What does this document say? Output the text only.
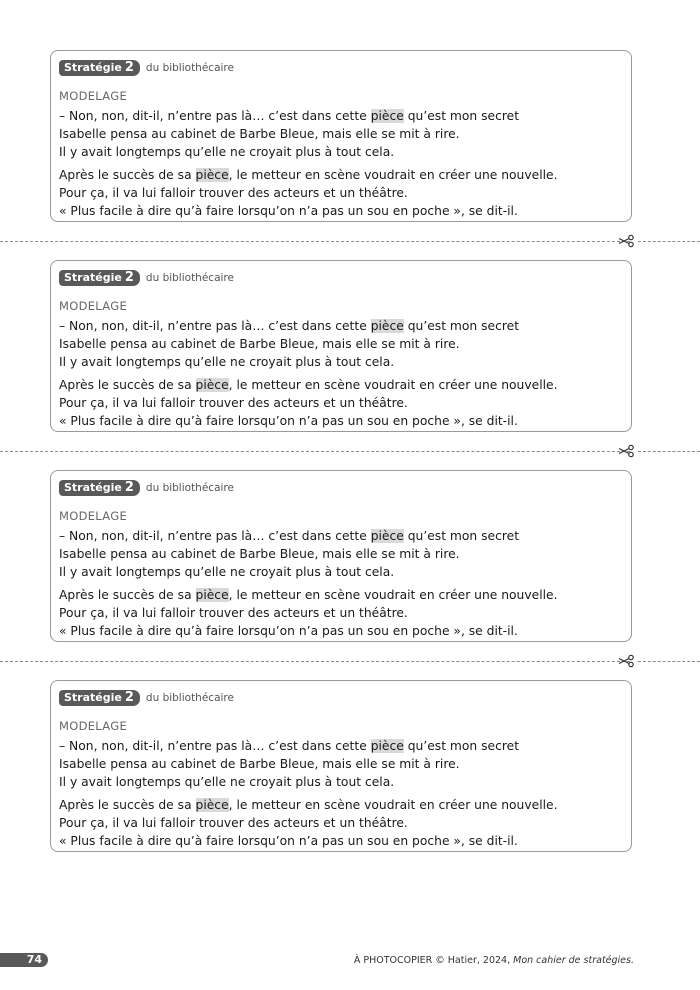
Stratégie 2 du bibliothécaire
MODELAGE
– Non, non, dit-il, n’entre pas là… c’est dans cette pièce qu’est mon secret
Isabelle pensa au cabinet de Barbe Bleue, mais elle se mit à rire.
Il y avait longtemps qu’elle ne croyait plus à tout cela.
Après le succès de sa pièce, le metteur en scène voudrait en créer une nouvelle.
Pour ça, il va lui falloir trouver des acteurs et un théâtre.
« Plus facile à dire qu’à faire lorsqu’on n’a pas un sou en poche », se dit-il.
Stratégie 2 du bibliothécaire
MODELAGE
– Non, non, dit-il, n’entre pas là… c’est dans cette pièce qu’est mon secret
Isabelle pensa au cabinet de Barbe Bleue, mais elle se mit à rire.
Il y avait longtemps qu’elle ne croyait plus à tout cela.
Après le succès de sa pièce, le metteur en scène voudrait en créer une nouvelle.
Pour ça, il va lui falloir trouver des acteurs et un théâtre.
« Plus facile à dire qu’à faire lorsqu’on n’a pas un sou en poche », se dit-il.
Stratégie 2 du bibliothécaire
MODELAGE
– Non, non, dit-il, n’entre pas là… c’est dans cette pièce qu’est mon secret
Isabelle pensa au cabinet de Barbe Bleue, mais elle se mit à rire.
Il y avait longtemps qu’elle ne croyait plus à tout cela.
Après le succès de sa pièce, le metteur en scène voudrait en créer une nouvelle.
Pour ça, il va lui falloir trouver des acteurs et un théâtre.
« Plus facile à dire qu’à faire lorsqu’on n’a pas un sou en poche », se dit-il.
Stratégie 2 du bibliothécaire
MODELAGE
– Non, non, dit-il, n’entre pas là… c’est dans cette pièce qu’est mon secret
Isabelle pensa au cabinet de Barbe Bleue, mais elle se mit à rire.
Il y avait longtemps qu’elle ne croyait plus à tout cela.
Après le succès de sa pièce, le metteur en scène voudrait en créer une nouvelle.
Pour ça, il va lui falloir trouver des acteurs et un théâtre.
« Plus facile à dire qu’à faire lorsqu’on n’a pas un sou en poche », se dit-il.
74	À PHOTOCOPIER © Hatier, 2024, Mon cahier de stratégies.
